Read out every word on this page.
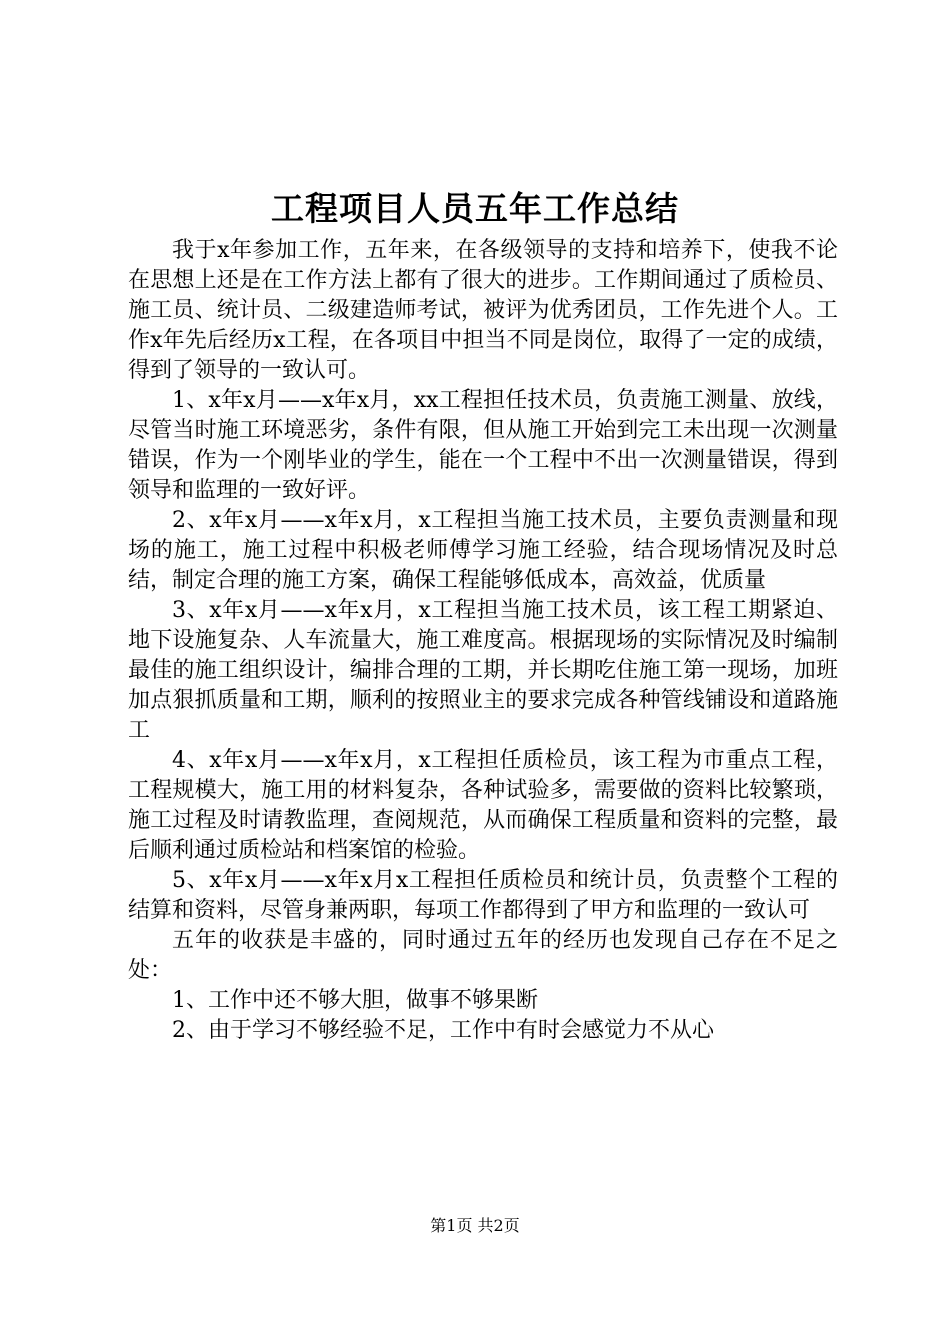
工程项目人员五年工作总结

我于x年参加工作，五年来，在各级领导的支持和培养下，使我不论在思想上还是在工作方法上都有了很大的进步。工作期间通过了质检员、施工员、统计员、二级建造师考试，被评为优秀团员，工作先进个人。工作x年先后经历x工程，在各项目中担当不同是岗位，取得了一定的成绩，得到了领导的一致认可。

1、x年x月——x年x月，xx工程担任技术员，负责施工测量、放线，尽管当时施工环境恶劣，条件有限，但从施工开始到完工未出现一次测量错误，作为一个刚毕业的学生，能在一个工程中不出一次测量错误，得到领导和监理的一致好评。

2、x年x月——x年x月，x工程担当施工技术员，主要负责测量和现场的施工，施工过程中积极老师傅学习施工经验，结合现场情况及时总结，制定合理的施工方案，确保工程能够低成本，高效益，优质量

3、x年x月——x年x月，x工程担当施工技术员，该工程工期紧迫、地下设施复杂、人车流量大，施工难度高。根据现场的实际情况及时编制最佳的施工组织设计，编排合理的工期，并长期吃住施工第一现场，加班加点狠抓质量和工期，顺利的按照业主的要求完成各种管线铺设和道路施工

4、x年x月——x年x月，x工程担任质检员，该工程为市重点工程，工程规模大，施工用的材料复杂，各种试验多，需要做的资料比较繁琐，施工过程及时请教监理，查阅规范，从而确保工程质量和资料的完整，最后顺利通过质检站和档案馆的检验。

5、x年x月——x年x月x工程担任质检员和统计员，负责整个工程的结算和资料，尽管身兼两职，每项工作都得到了甲方和监理的一致认可

五年的收获是丰盛的，同时通过五年的经历也发现自己存在不足之处：

1、工作中还不够大胆，做事不够果断

2、由于学习不够经验不足，工作中有时会感觉力不从心

第1页 共2页
